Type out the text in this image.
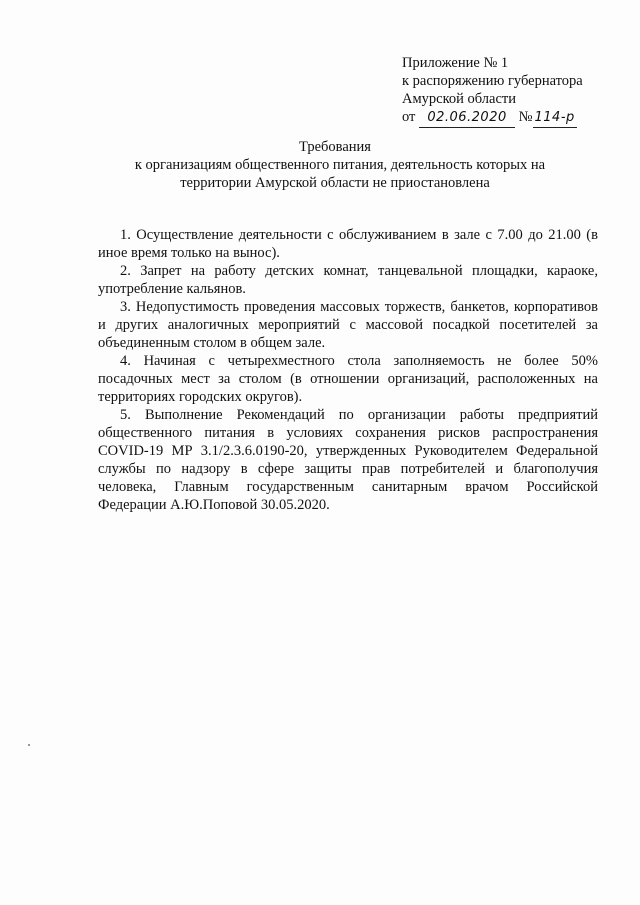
Приложение № 1
к распоряжению губернатора
Амурской области
от 02.06.2020 № 114-р
Требования
к организациям общественного питания, деятельность которых на
территории Амурской области не приостановлена

1. Осуществление деятельности с обслуживанием в зале с 7.00 до 21.00 (в иное время только на вынос).

2. Запрет на работу детских комнат, танцевальной площадки, караоке, употребление кальянов.

3. Недопустимость проведения массовых торжеств, банкетов, корпоративов и других аналогичных мероприятий с массовой посадкой посетителей за объединенным столом в общем зале.

4. Начиная с четырехместного стола заполняемость не более 50% посадочных мест за столом (в отношении организаций, расположенных на территориях городских округов).

5. Выполнение Рекомендаций по организации работы предприятий общественного питания в условиях сохранения рисков распространения COVID-19 МР 3.1/2.3.6.0190-20, утвержденных Руководителем Федеральной службы по надзору в сфере защиты прав потребителей и благополучия человека, Главным государственным санитарным врачом Российской Федерации А.Ю.Поповой 30.05.2020.
